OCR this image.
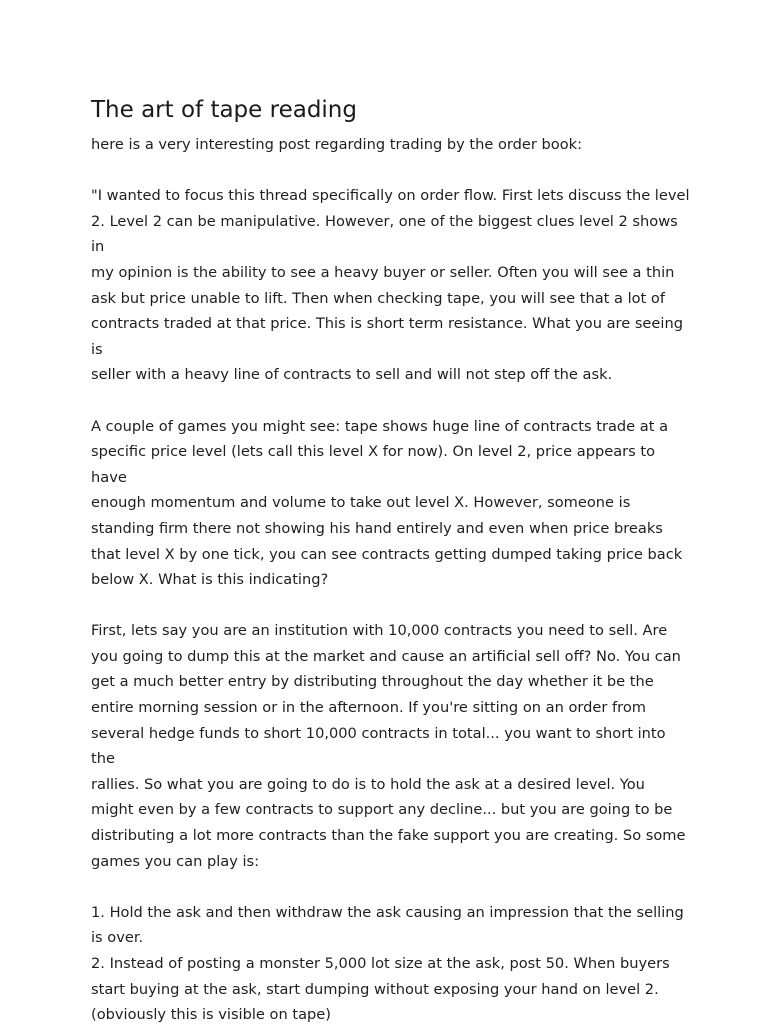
The art of tape reading

here is a very interesting post regarding trading by the order book:

"I wanted to focus this thread specifically on order flow. First lets discuss the level
2. Level 2 can be manipulative. However, one of the biggest clues level 2 shows in
my opinion is the ability to see a heavy buyer or seller. Often you will see a thin
ask but price unable to lift. Then when checking tape, you will see that a lot of
contracts traded at that price. This is short term resistance. What you are seeing is
seller with a heavy line of contracts to sell and will not step off the ask.

A couple of games you might see: tape shows huge line of contracts trade at a
specific price level (lets call this level X for now). On level 2, price appears to have
enough momentum and volume to take out level X. However, someone is
standing firm there not showing his hand entirely and even when price breaks
that level X by one tick, you can see contracts getting dumped taking price back
below X. What is this indicating?

First, lets say you are an institution with 10,000 contracts you need to sell. Are
you going to dump this at the market and cause an artificial sell off? No. You can
get a much better entry by distributing throughout the day whether it be the
entire morning session or in the afternoon. If you're sitting on an order from
several hedge funds to short 10,000 contracts in total... you want to short into the
rallies. So what you are going to do is to hold the ask at a desired level. You
might even by a few contracts to support any decline... but you are going to be
distributing a lot more contracts than the fake support you are creating. So some
games you can play is:

1. Hold the ask and then withdraw the ask causing an impression that the selling
is over.
2. Instead of posting a monster 5,000 lot size at the ask, post 50. When buyers
start buying at the ask, start dumping without exposing your hand on level 2.
(obviously this is visible on tape)
